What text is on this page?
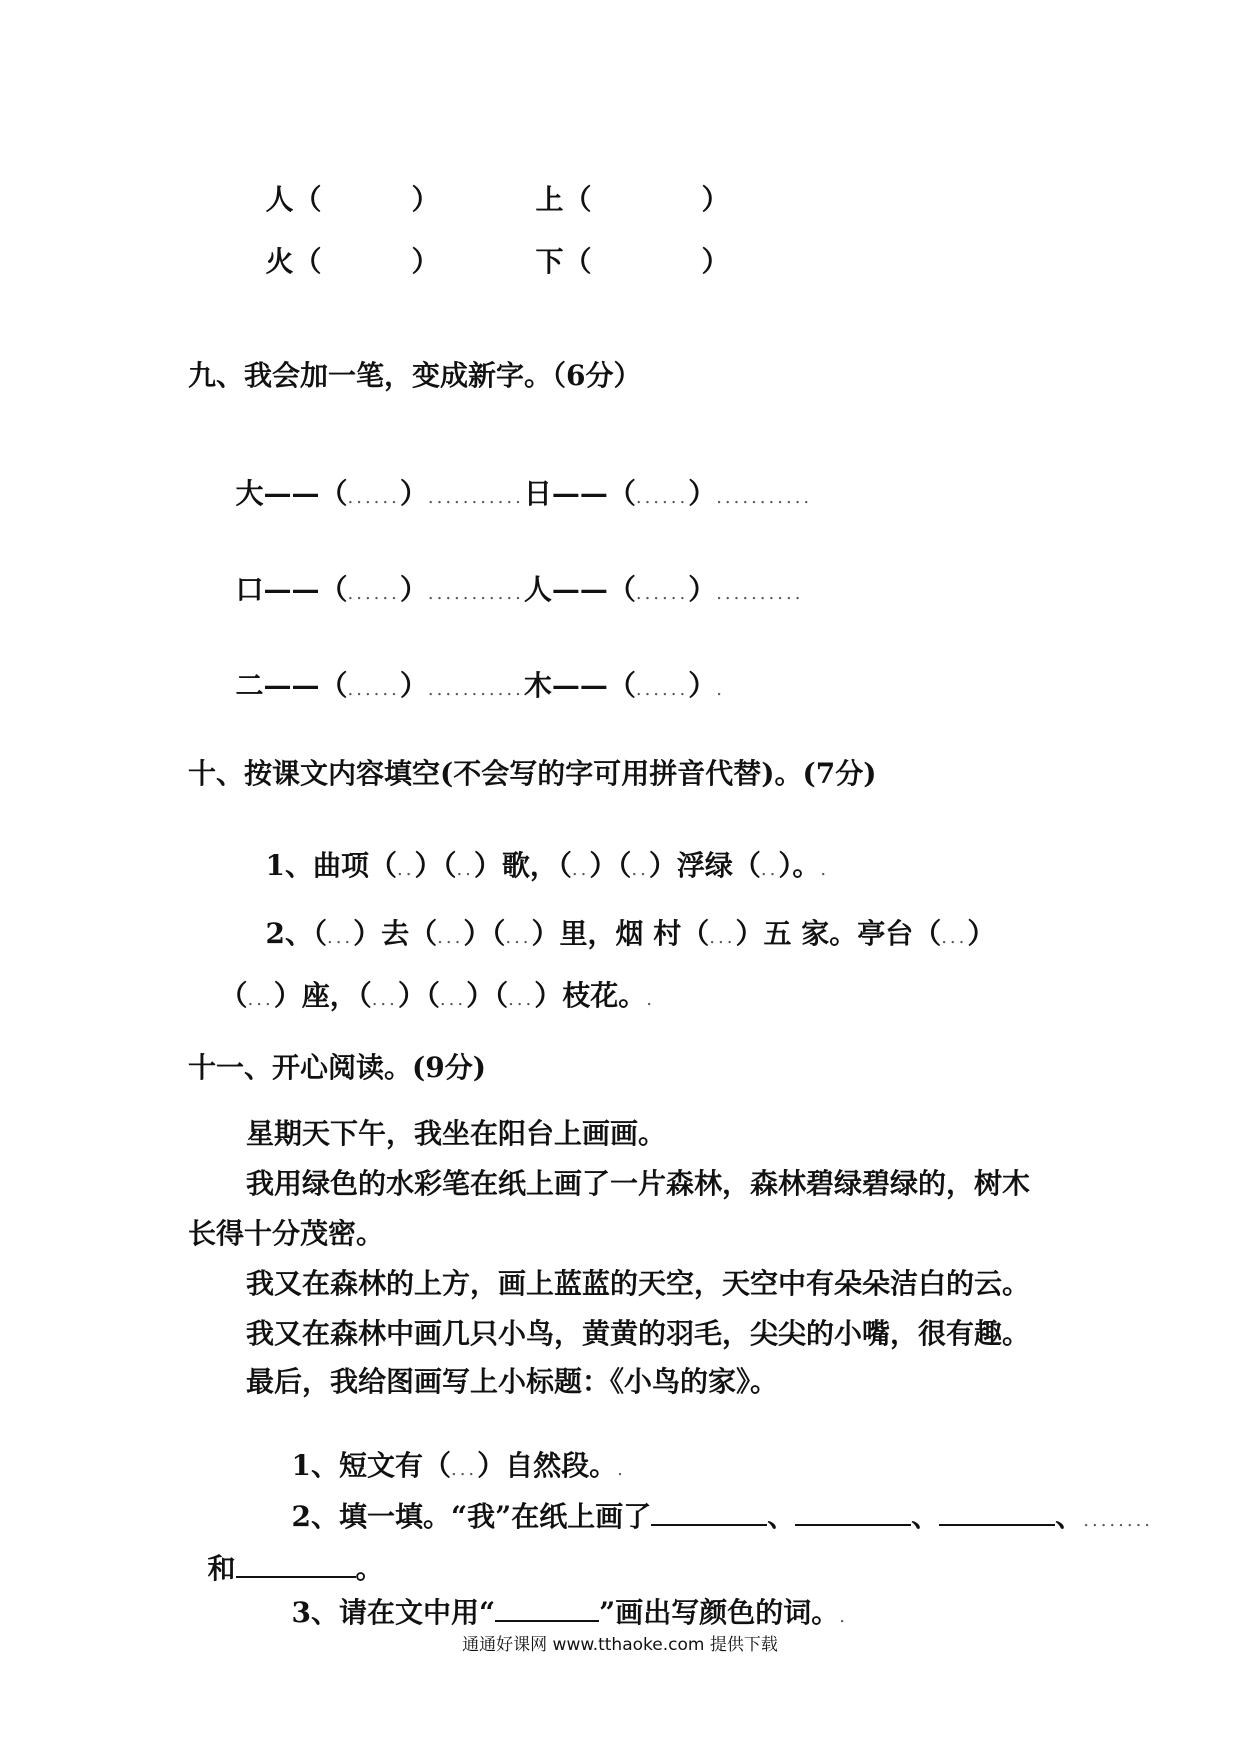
人（	）	上（	）

火（	）	下（	）

九、我会加一笔，变成新字。（6分）

大——（......）...........日——（......）...........

口——（......）...........人——（......）..........

二——（......）...........木——（......）.

十、按课文内容填空(不会写的字可用拼音代替)。(7分)

1、曲项（..）（..）歌，（..）（..）浮绿（..）。.

2、（...）去（...）（...）里，烟 村（...）五 家。亭台（...）

（...）座，（...）（...）（...）枝花。.

十一、开心阅读。(9分)
星期天下午，我坐在阳台上画画。
我用绿色的水彩笔在纸上画了一片森林，森林碧绿碧绿的，树木
长得十分茂密。
我又在森林的上方，画上蓝蓝的天空，天空中有朵朵洁白的云。
我又在森林中画几只小鸟，黄黄的羽毛，尖尖的小嘴，很有趣。
最后，我给图画写上小标题：《小鸟的家》。

1、短文有（...）自然段。.

2、填一填。“我”在纸上画了	、	、	、........

和	。

3、请在文中用“	”画出写颜色的词。.

通通好课网 www.tthaoke.com 提供下载
